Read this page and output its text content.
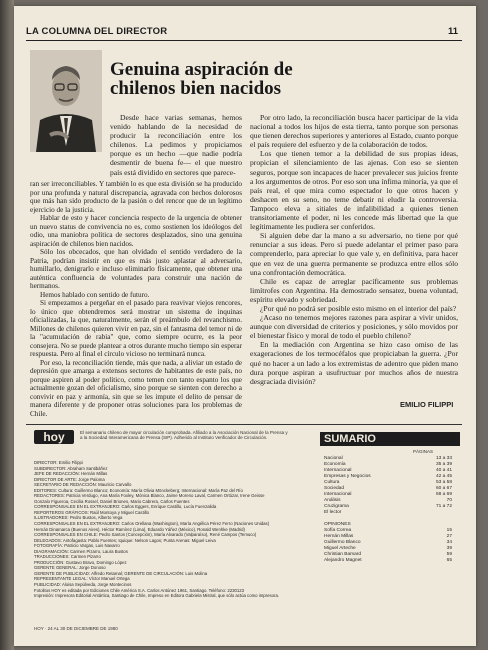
LA COLUMNA DEL DIRECTOR	11
Genuina aspiración de chilenos bien nacidos

Desde hace varias semanas, hemos venido hablando de la necesidad de producir la reconciliación entre los chilenos. La pedimos y propiciamos porque es un hecho —que nadie podría desmentir de buena fe— el que nuestro país está dividido en sectores que parece-

ran ser irreconciliables. Y también lo es que esta división se ha producido por una profunda y natural discrepancia, agravada con hechos dolorosos que más han sido producto de la pasión o del rencor que de un legítimo ejercicio de la justicia.

Hablar de esto y hacer conciencia respecto de la urgencia de obtener un nuevo status de convivencia no es, como sostienen los ideólogos del odio, una maniobra política de sectores desplazados, sino una genuina aspiración de chilenos bien nacidos.

Sólo los obcecados, que han olvidado el sentido verdadero de la Patria, podrían insistir en que es más justo aplastar al adversario, humillarlo, denigrarlo e incluso eliminarlo físicamente, que obtener una auténtica confluencia de voluntades para construir una nación de hermanos.

Hemos hablado con sentido de futuro.

Si empezamos a pergeñar en el pasado para reavivar viejos rencores, lo único que obtendremos será mostrar un sistema de inquinas oficializadas, la que, naturalmente, serán el preámbulo del revanchismo. Millones de chilenos quieren vivir en paz, sin el fantasma del temor ni de la "acumulación de rabia" que, como siempre ocurre, es la peor consejera. No se puede plantear a otros durante mucho tiempo sin esperar respuesta. Pero al final el círculo vicioso no terminará nunca.

Por eso, la reconciliación tiende, más que nada, a aliviar un estado de depresión que amarga a extensos sectores de habitantes de este país, no porque aspiren al poder político, como temen con tanto espanto los que actualmente gozan del oficialismo, sino porque se sienten con derecho a convivir en paz y armonía, sin que se les impute el delito de pensar de manera diferente y de proponer otras soluciones para los problemas de Chile.

Por otro lado, la reconciliación busca hacer participar de la vida nacional a todos los hijos de esta tierra, tanto porque son personas que tienen derechos superiores y anteriores al Estado, cuanto porque el país requiere del esfuerzo y de la colaboración de todos.

Los que tienen temor a la debilidad de sus propias ideas, propician el silenciamiento de las ajenas. Con eso se sienten seguros, porque son incapaces de hacer prevalecer sus juicios frente a los argumentos de otros. Por eso son una ínfima minoría, ya que el país real, el que mira como espectador lo que otros hacen y deshacen en su seno, no teme debatir ni eludir la controversia. Tampoco eleva a sitiales de infalibilidad a quienes tienen transitoriamente el poder, ni les concede más libertad que la que legítimamente les pudiera ser conferidos.

Si alguien debe dar la mano a su adversario, no tiene por qué renunciar a sus ideas. Pero sí puede adelantar el primer paso para comprenderlo, para apreciar lo que vale y, en definitiva, para hacer que en vez de una guerra permanente se produzca entre ellos sólo una confrontación democrática.

Chile es capaz de arreglar pacíficamente sus problemas limítrofes con Argentina. Ha demostrado sensatez, buena voluntad, espíritu elevado y sobriedad.

¿Por qué no podrá ser posible esto mismo en el interior del país?

¿Acaso no tenemos mejores razones para aspirar a vivir unidos, aunque con diversidad de criterios y posiciones, y sólo movidos por el bienestar físico y moral de todo el pueblo chileno?

En la mediación con Argentina se hizo caso omiso de las exageraciones de los termocéfalos que propiciaban la guerra. ¿Por qué no hacer a un lado a los extremistas de adentro que piden mano dura porque aspiran a usufructuar por muchos años de nuestra desgraciada división?

EMILIO FILIPPI
hoy	El semanario chileno de mayor circulación comprobada. Afiliado a la Asociación Nacional de la Prensa y a la Sociedad Interamericana de Prensa (SIP). Adherido al Instituto Verificador de Circulación.
DIRECTOR: Emilio Filippi
SUBDIRECTOR: Abraham Santibáñez
JEFE DE REDACCIÓN: Hernán Millas
DIRECTOR DE ARTE: Jorge Paloma
SECRETARIO DE REDACCIÓN: Mauricio Carvallo
EDITORES: Cultura: Guillermo Blanco; Economía: María Olivia Mönckeberg; Internacional: María Paz del Río
REDACTORES: Patricia Verdugo, Ana María Foxley, Mónica Blanco, Jaime Moreno Laval, Carmen Ortúzar, Irene Geisse
Gonzalo Figueroa, Cecilia Rossel, Daniel Briones, Mario Cabrera, Carlos Fuentes
CORRESPONSALES EN EL EXTRANJERO: Carlos Eggers, Enrique Castillo, Lucía Fuenzalida
REPORTEROS GRÁFICOS: Raúl Montoya y Miguel Castillo
ILUSTRADORES: Pedro Bustos, Alberto Vega
CORRESPONSALES EN EL EXTRANJERO: Carlos Orellana (Washington), María Angélica Pérez Ferro (Naciones Unidas)
Hernán Dinamarca (Buenos Aires), Héctor Ramírez (Lima), Eduardo Yáñez (México), Ronald Wenhke (Madrid)
CORRESPONSALES EN CHILE: Pedro Santos (Concepción), María Alvarado (Valparaíso), René Campos (Temuco)
DELEGADOS: Antofagasta: Pablo Fuentes; Iquique: Nelson Lagos; Punta Arenas: Miguel Leiva
FOTOGRAFÍA: Patricio Vargas, Luis Navarro
DIAGRAMACIÓN: Carmen Pizarro, Laura Bustos
TRADUCCIONES: Carmen Pizarro
PRODUCCIÓN: Gustavo Bravo, Domingo López
GERENTE GENERAL: Jorge Donoso
GERENTE DE PUBLICIDAD: Alfredo Retamal; GERENTE DE CIRCULACIÓN: Luis Molina
REPRESENTANTE LEGAL: Víctor Manuel Ortega
PUBLICIDAD: Aloisa Sepúlveda, Jorge Montecinos
Fotolitos HOY es editada por Ediciones Chile América S.A. Carlos Antúnez 1961, Santiago. Teléfono: 2230123
Impresión: Impresora Editorial Antártica, Santiago de Chile, Impreso en Editora Gabriela Mistral, que sólo actúa como impresora.
SUMARIO
PÁGINAS
Nacional	13 a 33
Economía	35 a 39
Internacional	40 a 41
Empresas y Negocios	42 a 45
Cultura	53 a 58
Sociedad	60 a 67
Internacional	68 a 69
Análisis	70
Cruzigrama	71 a 72
El lector
OPINIONES
Sofía Correa	15
Hernán Millas	27
Guillermo Blanco	34
Miguel Arteche	39
Christian Bamard	59
Alejandro Magnet	65
HOY · 24 AL 30 DE DICIEMBRE DE 1980
